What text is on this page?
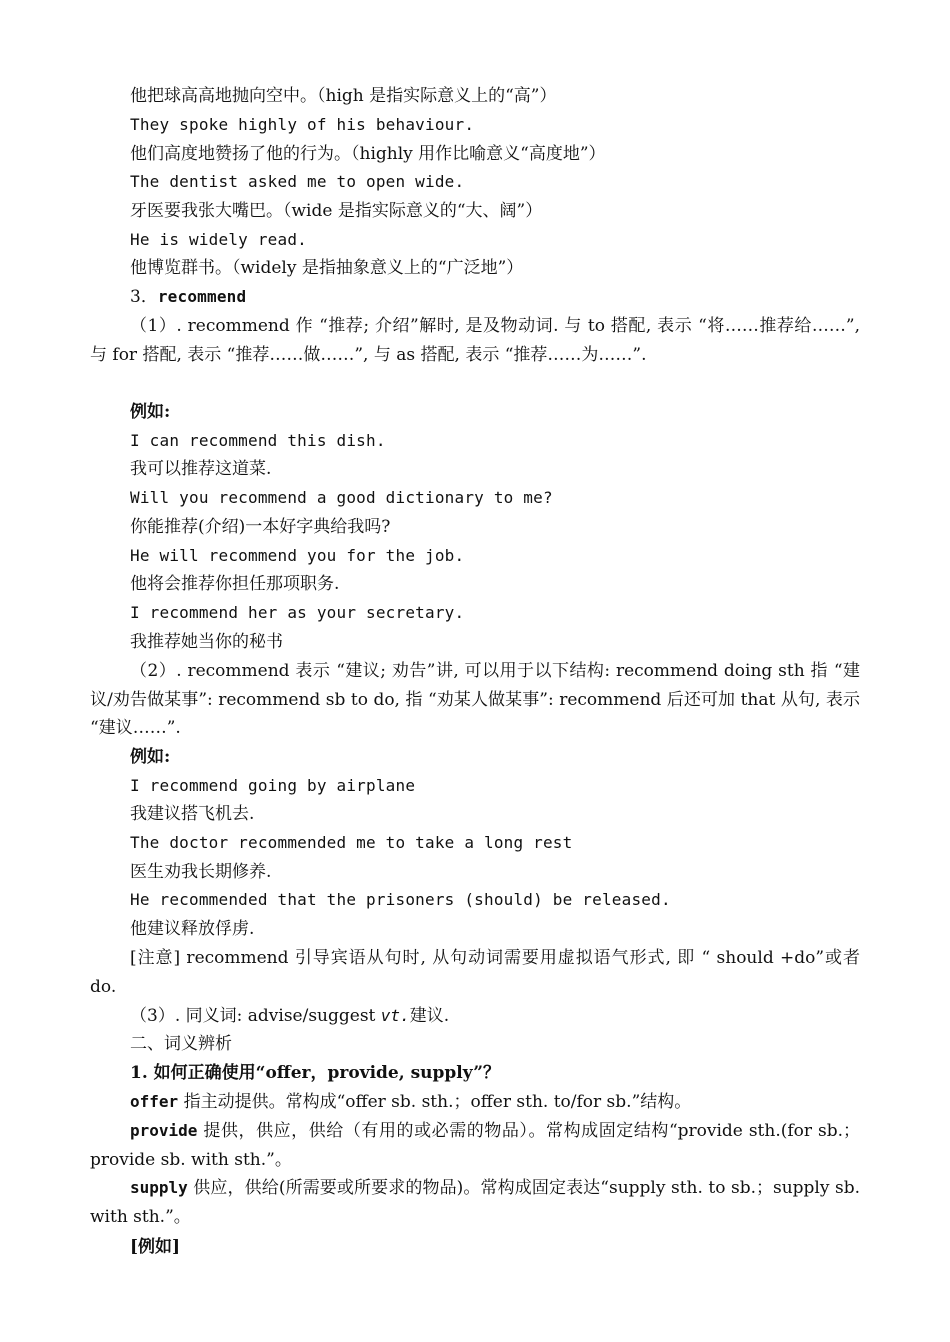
他把球高高地抛向空中。（high 是指实际意义上的“高”）
They spoke highly of his behaviour.
他们高度地赞扬了他的行为。（highly 用作比喻意义“高度地”）
The dentist asked me to open wide.
牙医要我张大嘴巴。（wide 是指实际意义的“大、阔”）
He is widely read.
他博览群书。（widely 是指抽象意义上的“广泛地”）
3．recommend
（1）. recommend 作 “推荐; 介绍”解时, 是及物动词. 与 to 搭配, 表示 “将……推荐给……”, 与 for 搭配, 表示 “推荐……做……”, 与 as 搭配, 表示 “推荐……为……”.
例如:
I can recommend this dish.
我可以推荐这道菜.
Will you recommend a good dictionary to me?
你能推荐(介绍)一本好字典给我吗?
He will recommend you for the job.
他将会推荐你担任那项职务.
I recommend her as your secretary.
我推荐她当你的秘书
（2）. recommend 表示 “建议; 劝告”讲, 可以用于以下结构: recommend doing sth 指 “建议/劝告做某事”: recommend sb to do, 指 “劝某人做某事”: recommend 后还可加 that 从句, 表示 “建议……”.
例如:
I recommend going by airplane
我建议搭飞机去.
The doctor recommended me to take a long rest
医生劝我长期修养.
He recommended that the prisoners (should) be released.
他建议释放俘虏.
[注意] recommend 引导宾语从句时, 从句动词需要用虚拟语气形式, 即 “ should +do”或者 do.
（3）. 同义词: advise/suggest vt.建议.
二、词义辨析
1. 如何正确使用“offer，provide, supply”？
offer 指主动提供。常构成“offer sb. sth.；offer sth. to/for sb.”结构。
provide 提供，供应，供给（有用的或必需的物品）。常构成固定结构“provide sth.(for sb.；provide sb. with sth.”。
supply 供应，供给(所需要或所要求的物品)。常构成固定表达“supply sth. to sb.；supply sb. with sth.”。
[例如]
